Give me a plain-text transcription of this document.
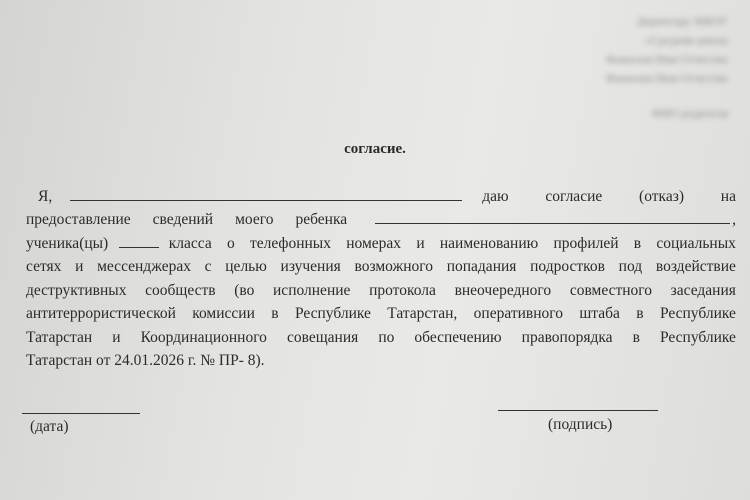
Директору МБОУ
«Средняя школа
Фамилия Имя Отчество
Фамилия Имя Отчество
ФИО родителя
согласие.
Я,	даю согласие (отказ) на
предоставление сведений моего ребенка	,
ученика(цы)	класса о телефонных номерах и наименованию профилей в социальных
сетях и мессенджерах с целью изучения возможного попадания подростков под воздействие
деструктивных сообществ (во исполнение протокола внеочередного совместного заседания
антитеррористической комиссии в Республике Татарстан, оперативного штаба в Республике
Татарстан и Координационного совещания по обеспечению правопорядка в Республике
Татарстан от 24.01.2026 г. № ПР- 8).
(дата)	(подпись)
